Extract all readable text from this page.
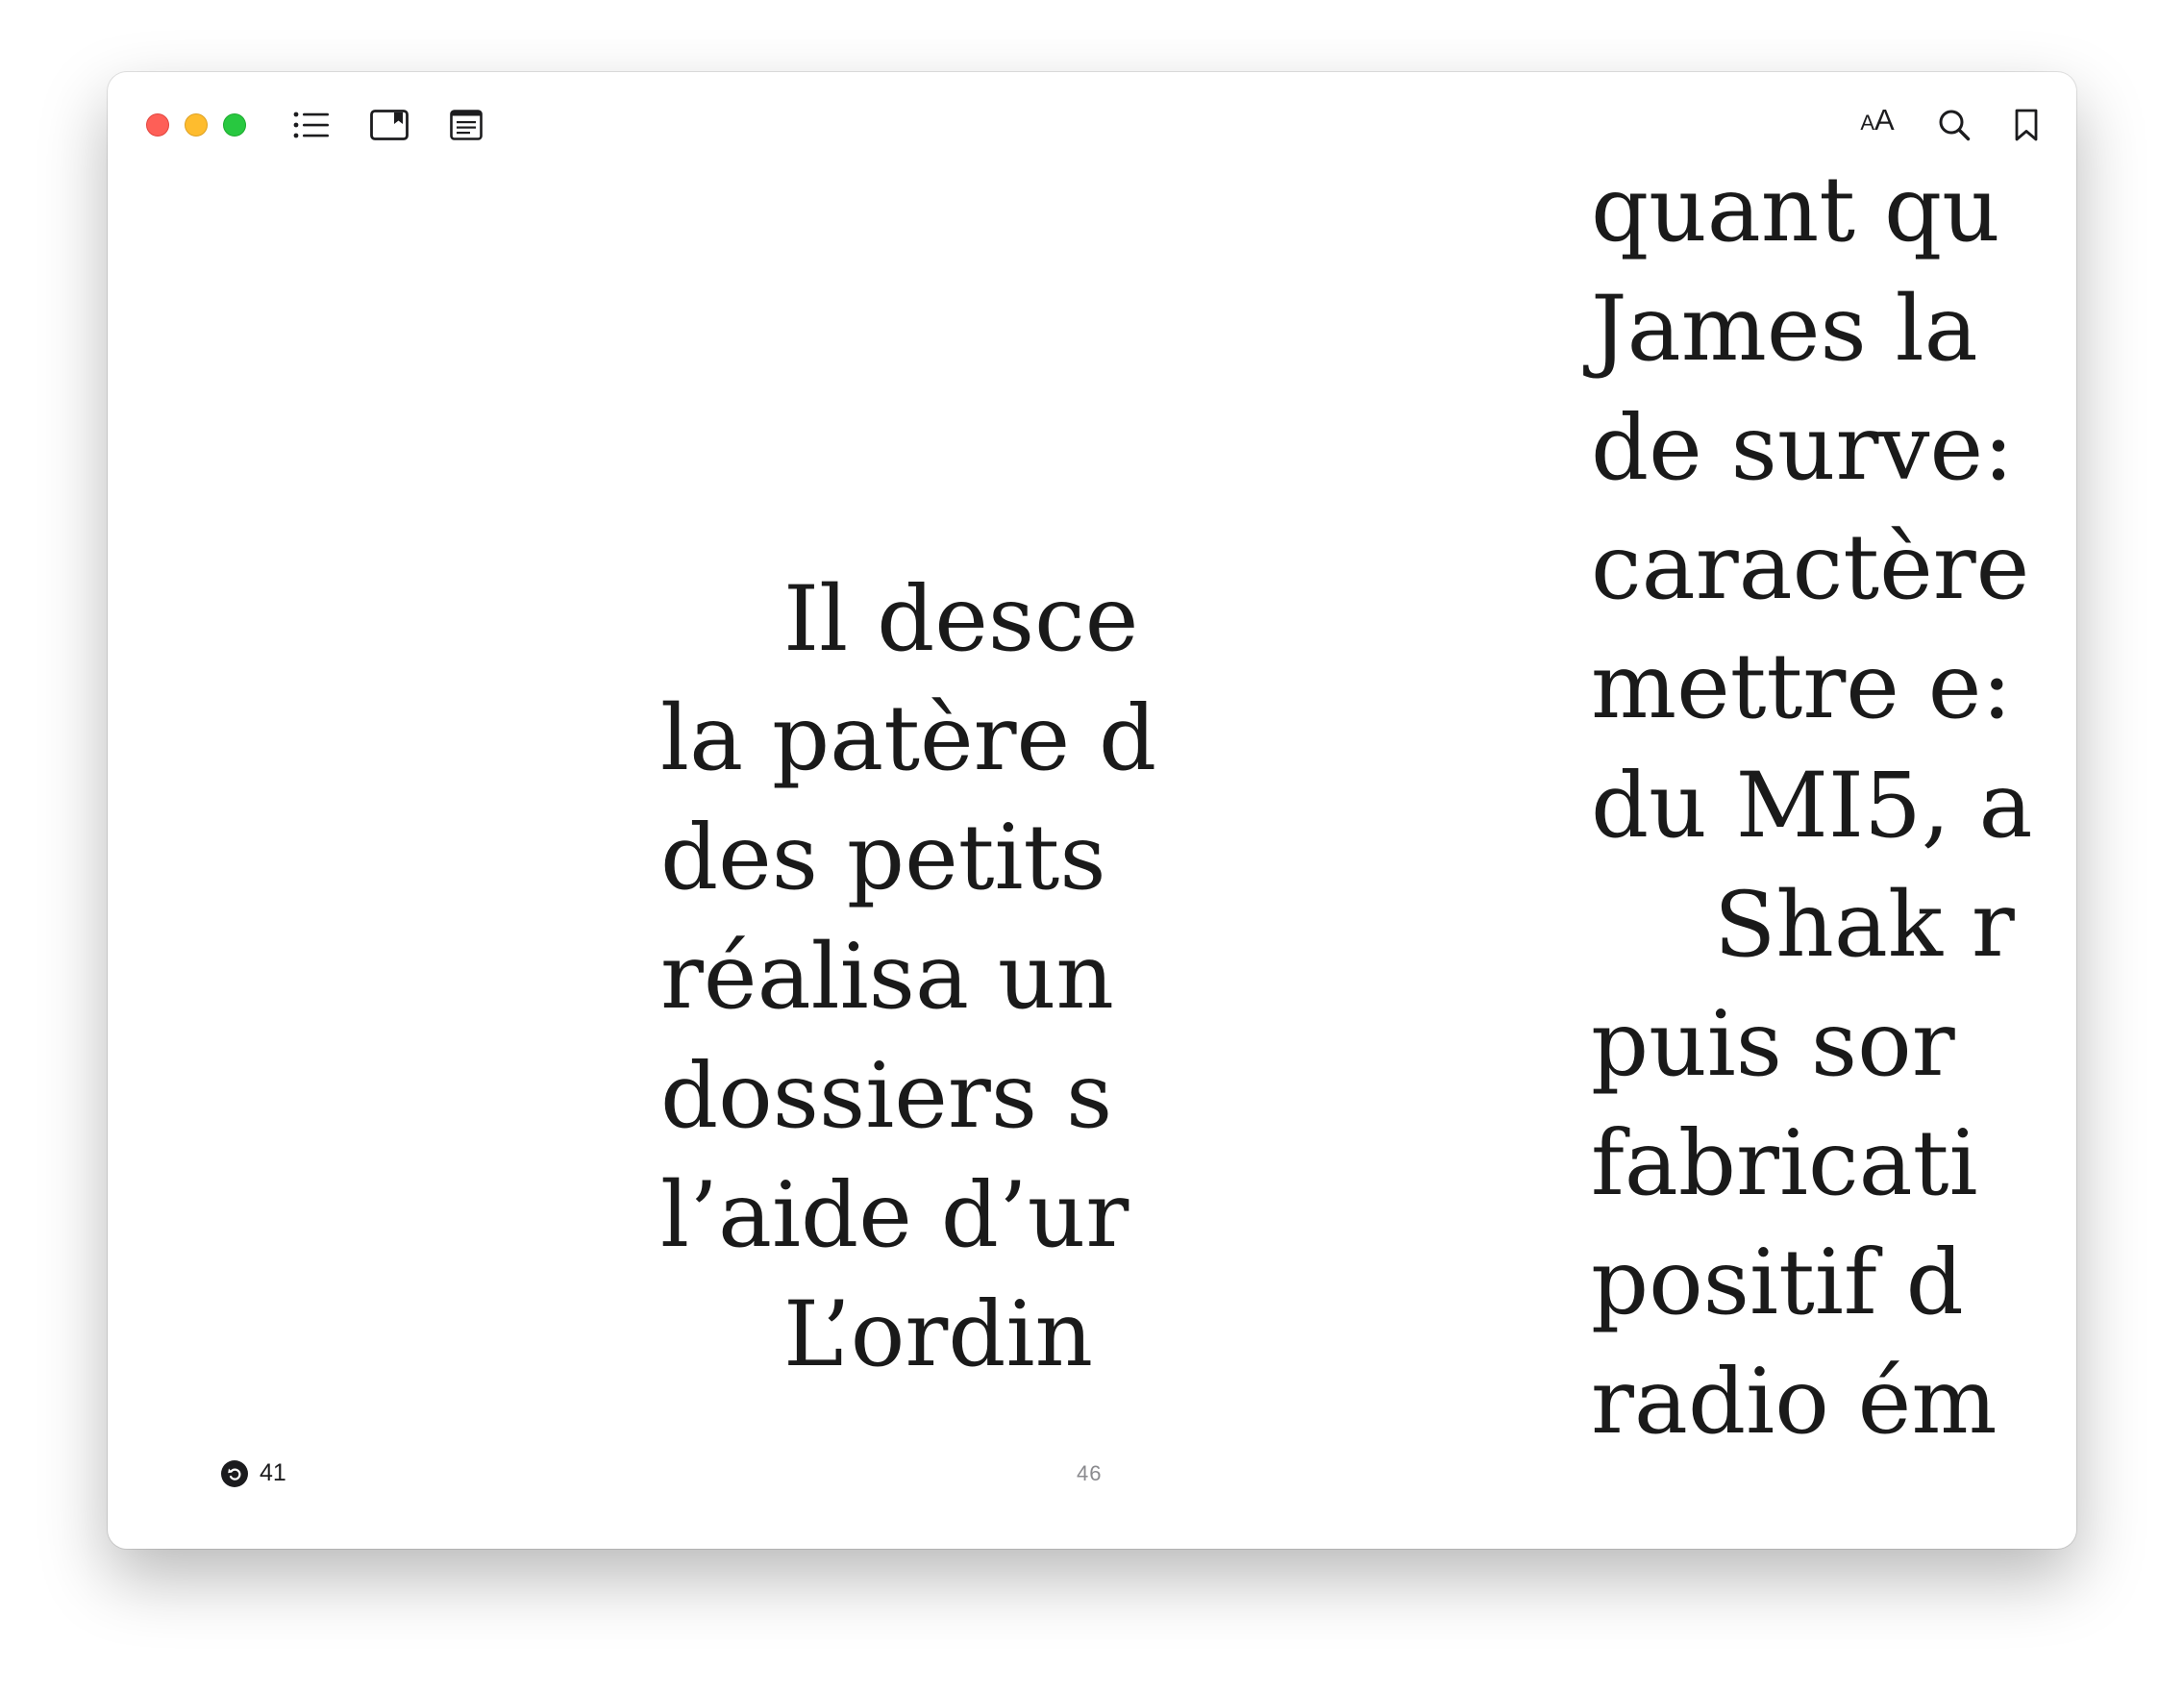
A A
Il desce
la patère d
des petits
réalisa un
dossiers s
l’aide d’ur
L’ordin
quant qu
James la
de surve:
caractère
mettre e:
du MI5, a
Shak r
puis sor
fabricati
positif d
radio ém
41	46
